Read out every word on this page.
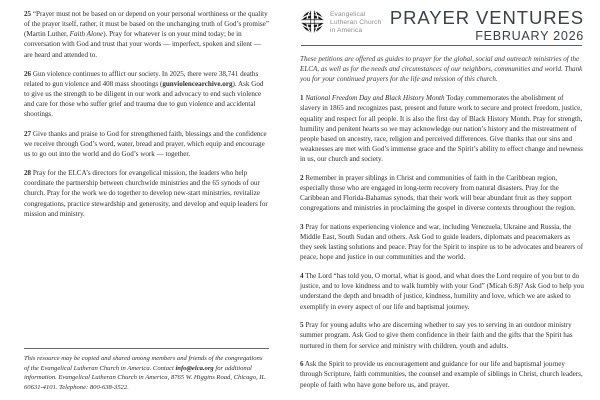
25 “Prayer must not be based on or depend on your personal worthiness or the quality of the prayer itself, rather, it must be based on the unchanging truth of God’s promise” (Martin Luther, Faith Alone). Pray for whatever is on your mind today; be in conversation with God and trust that your words — imperfect, spoken and silent — are heard and attended to.
26 Gun violence continues to afflict our society. In 2025, there were 38,741 deaths related to gun violence and 408 mass shootings (gunviolencearchive.org). Ask God to give us the strength to be diligent in our work and advocacy to end such violence and care for those who suffer grief and trauma due to gun violence and accidental shootings.
27 Give thanks and praise to God for strengthened faith, blessings and the confidence we receive through God’s word, water, bread and prayer, which equip and encourage us to go out into the world and do God’s work — together.
28 Pray for the ELCA’s directors for evangelical mission, the leaders who help coordinate the partnership between churchwide ministries and the 65 synods of our church. Pray for the work we do together to develop new-start ministries, revitalize congregations, practice stewardship and generosity, and develop and equip leaders for mission and ministry.
This resource may be copied and shared among members and friends of the congregations of the Evangelical Lutheran Church in America. Contact info@elca.org for additional information. Evangelical Lutheran Church in America, 8765 W. Higgins Road, Chicago, IL 60631-4101. Telephone: 800-638-3522.
Evangelical
Lutheran Church
in America
PRAYER VENTURES
FEBRUARY 2026
These petitions are offered as guides to prayer for the global, social and outreach ministries of the ELCA, as well as for the needs and circumstances of our neighbors, communities and world. Thank you for your continued prayers for the life and mission of this church.
1 National Freedom Day and Black History Month Today commemorates the abolishment of slavery in 1865 and recognizes past, present and future work to secure and protect freedom, justice, equality and respect for all people. It is also the first day of Black History Month. Pray for strength, humility and penitent hearts so we may acknowledge our nation’s history and the mistreatment of people based on ancestry, race, religion and perceived differences. Give thanks that our sins and weaknesses are met with God’s immense grace and the Spirit’s ability to effect change and newness in us, our church and society.
2 Remember in prayer siblings in Christ and communities of faith in the Caribbean region, especially those who are engaged in long-term recovery from natural disasters. Pray for the Caribbean and Florida-Bahamas synods, that their work will bear abundant fruit as they support congregations and ministries in proclaiming the gospel in diverse contexts throughout the region.
3 Pray for nations experiencing violence and war, including Venezuela, Ukraine and Russia, the Middle East, South Sudan and others. Ask God to guide leaders, diplomats and peacemakers as they seek lasting solutions and peace. Pray for the Spirit to inspire us to be advocates and bearers of peace, hope and justice in our communities and the world.
4 The Lord “has told you, O mortal, what is good, and what does the Lord require of you but to do justice, and to love kindness and to walk humbly with your God” (Micah 6:8)? Ask God to help you understand the depth and breadth of justice, kindness, humility and love, which we are asked to exemplify in every aspect of our life and baptismal journey.
5 Pray for young adults who are discerning whether to say yes to serving in an outdoor ministry summer program. Ask God to give them confidence in their faith and the gifts that the Spirit has nurtured in them for service and ministry with children, youth and adults.
6 Ask the Spirit to provide us encouragement and guidance for our life and baptismal journey through Scripture, faith communities, the counsel and example of siblings in Christ, church leaders, people of faith who have gone before us, and prayer.
